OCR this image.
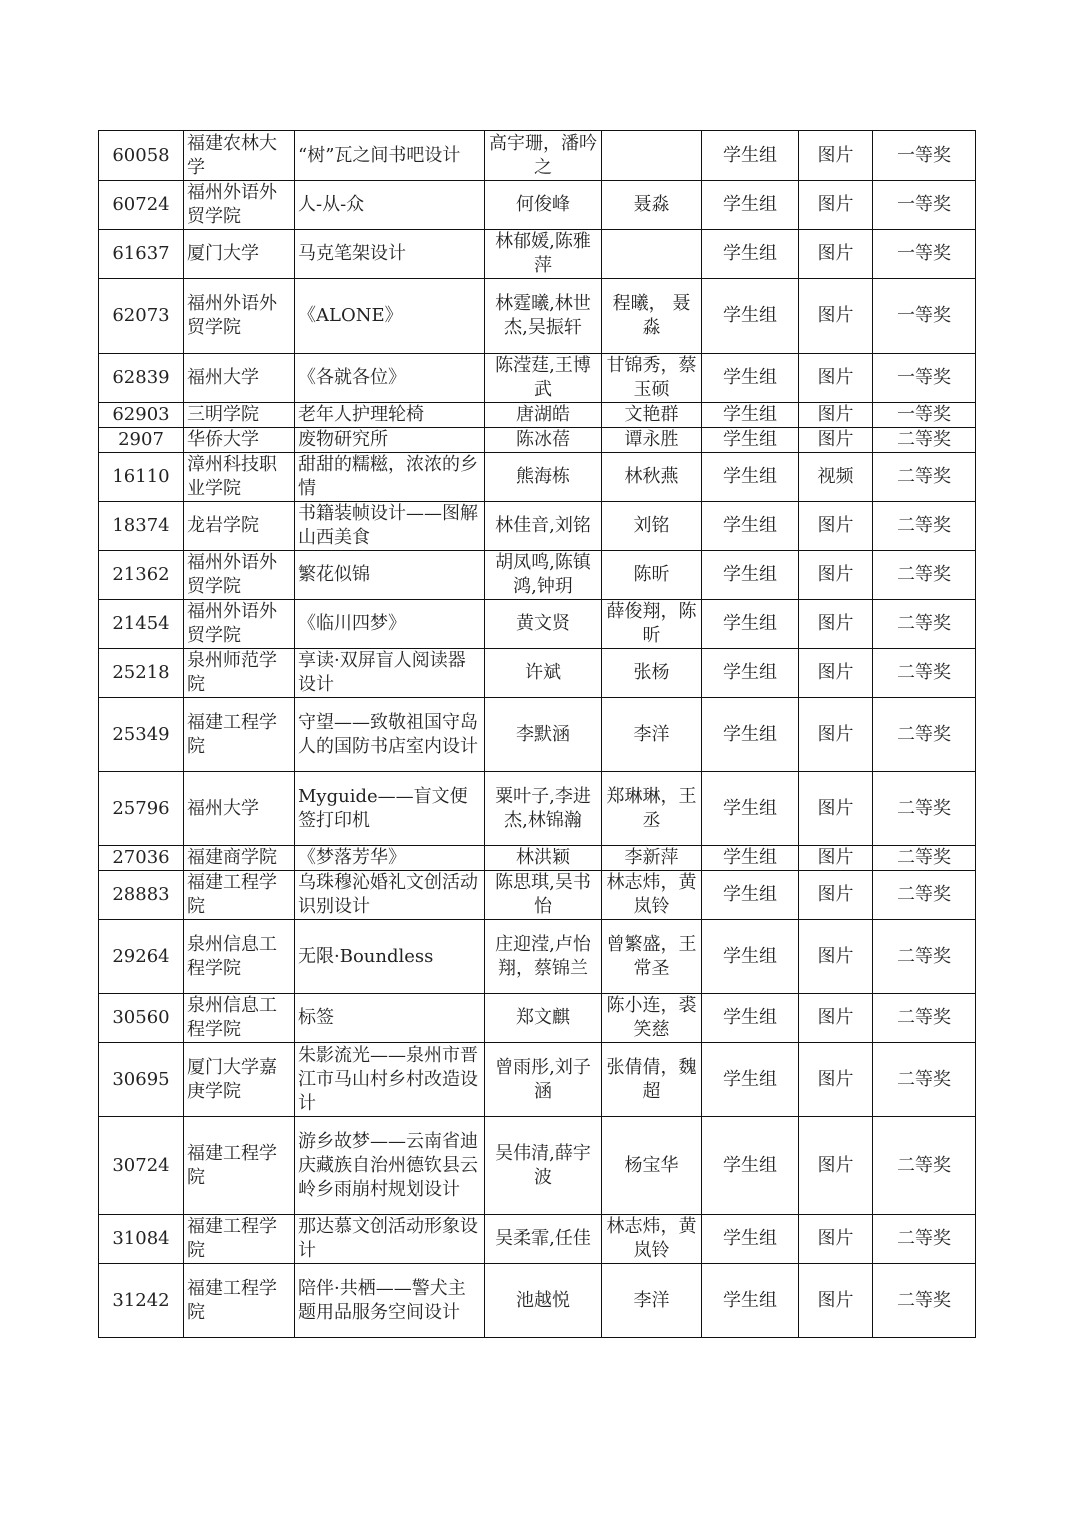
60058	福建农林大学	“树”瓦之间书吧设计	高宇珊，潘吟之		学生组	图片	一等奖
60724	福州外语外贸学院	人-从-众	何俊峰	聂淼	学生组	图片	一等奖
61637	厦门大学	马克笔架设计	林郁媛,陈雅萍		学生组	图片	一等奖
62073	福州外语外贸学院	《ALONE》	林霆曦,林世杰,吴振轩	程曦， 聂淼	学生组	图片	一等奖
62839	福州大学	《各就各位》	陈滢莛,王博武	甘锦秀，蔡玉硕	学生组	图片	一等奖
62903	三明学院	老年人护理轮椅	唐湖皓	文艳群	学生组	图片	一等奖
2907	华侨大学	废物研究所	陈冰蓓	谭永胜	学生组	图片	二等奖
16110	漳州科技职业学院	甜甜的糯糍，浓浓的乡情	熊海栋	林秋燕	学生组	视频	二等奖
18374	龙岩学院	书籍装帧设计——图解山西美食	林佳音,刘铭	刘铭	学生组	图片	二等奖
21362	福州外语外贸学院	繁花似锦	胡凤鸣,陈镇鸿,钟玥	陈昕	学生组	图片	二等奖
21454	福州外语外贸学院	《临川四梦》	黄文贤	薛俊翔，陈昕	学生组	图片	二等奖
25218	泉州师范学院	享读·双屏盲人阅读器设计	许斌	张杨	学生组	图片	二等奖
25349	福建工程学院	守望——致敬祖国守岛人的国防书店室内设计	李默涵	李洋	学生组	图片	二等奖
25796	福州大学	Myguide——盲文便签打印机	粟叶子,李进杰,林锦瀚	郑琳琳，王丞	学生组	图片	二等奖
27036	福建商学院	《梦落芳华》	林洪颖	李新萍	学生组	图片	二等奖
28883	福建工程学院	乌珠穆沁婚礼文创活动识别设计	陈思琪,吴书怡	林志炜，黄岚铃	学生组	图片	二等奖
29264	泉州信息工程学院	无限·Boundless	庄迎滢,卢怡翔，蔡锦兰	曾繁盛，王常圣	学生组	图片	二等奖
30560	泉州信息工程学院	标签	郑文麒	陈小连，裘笑慈	学生组	图片	二等奖
30695	厦门大学嘉庚学院	朱影流光——泉州市晋江市马山村乡村改造设计	曾雨彤,刘子涵	张倩倩，魏超	学生组	图片	二等奖
30724	福建工程学院	游乡故梦——云南省迪庆藏族自治州德钦县云岭乡雨崩村规划设计	吴伟清,薛宇波	杨宝华	学生组	图片	二等奖
31084	福建工程学院	那达慕文创活动形象设计	吴柔霏,任佳	林志炜，黄岚铃	学生组	图片	二等奖
31242	福建工程学院	陪伴·共栖——警犬主题用品服务空间设计	池越悦	李洋	学生组	图片	二等奖
